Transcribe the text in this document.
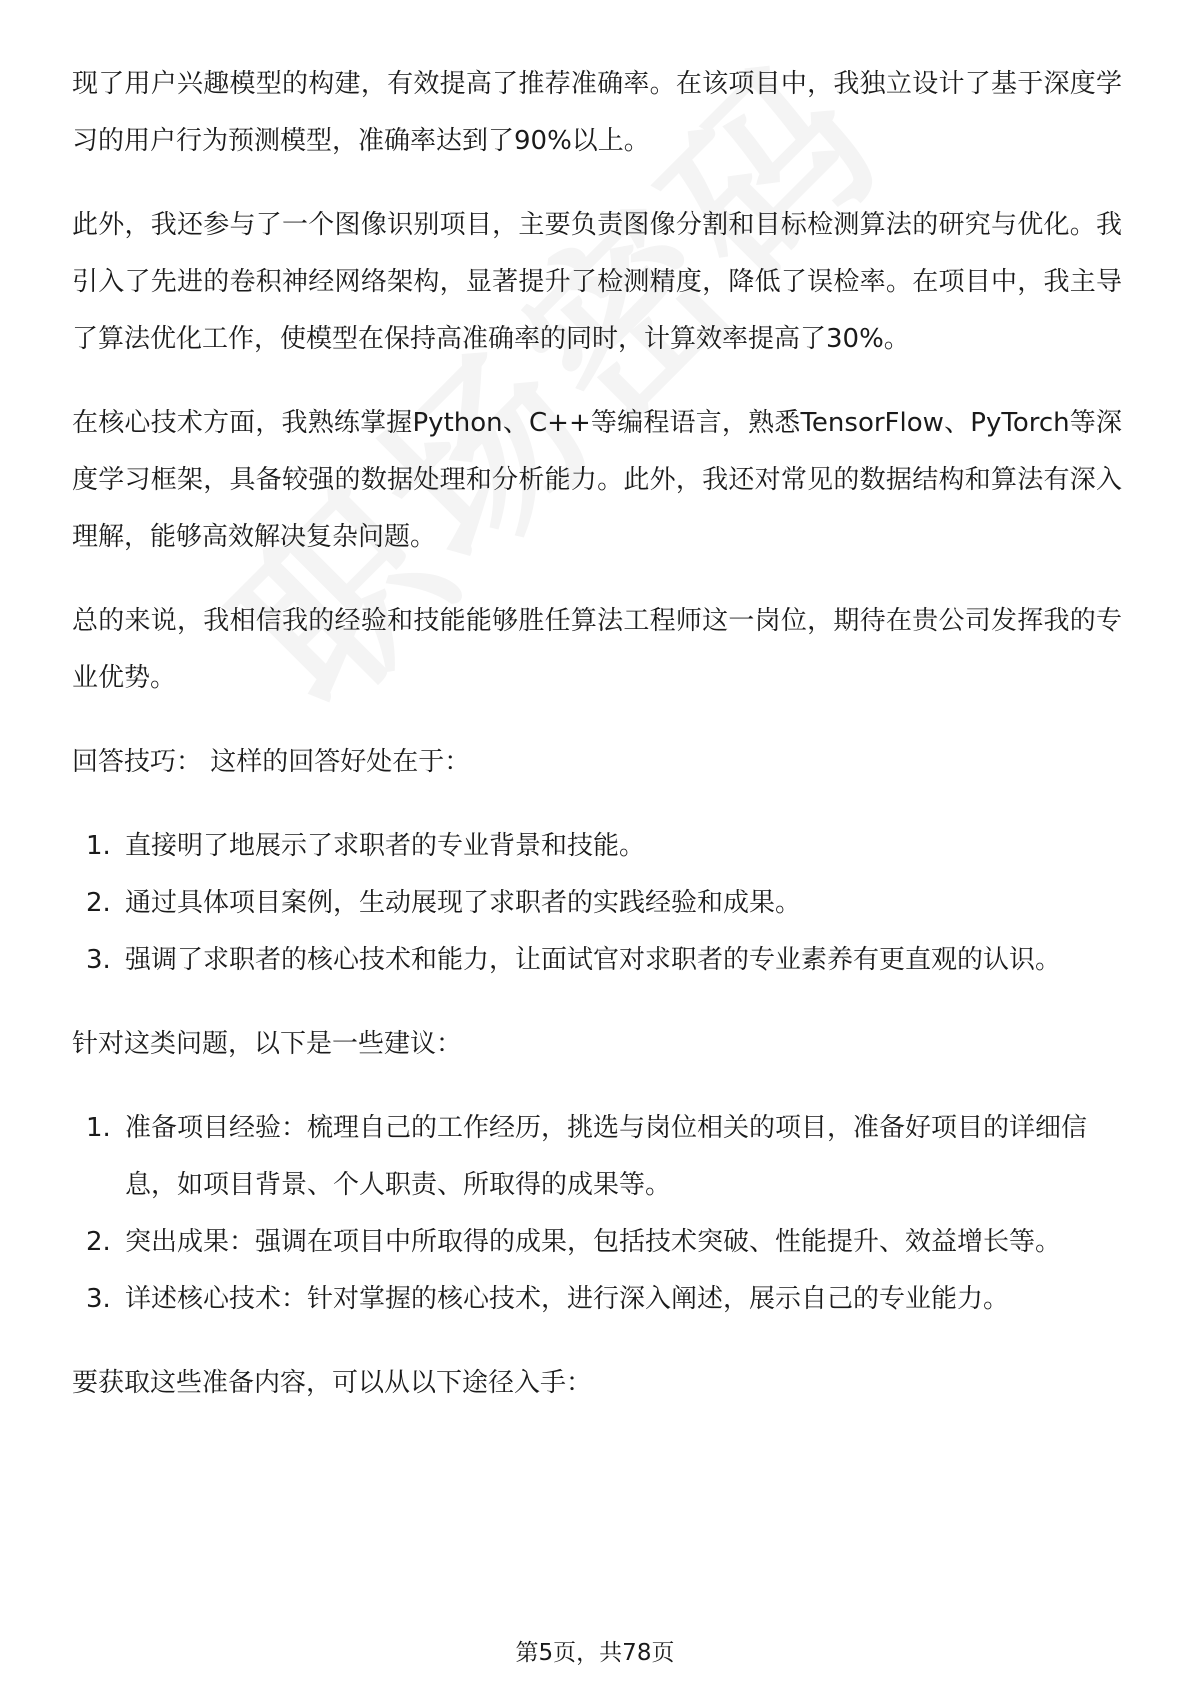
现了用户兴趣模型的构建，有效提高了推荐准确率。在该项目中，我独立设计了基于深度学习的用户行为预测模型，准确率达到了90%以上。

此外，我还参与了一个图像识别项目，主要负责图像分割和目标检测算法的研究与优化。我引入了先进的卷积神经网络架构，显著提升了检测精度，降低了误检率。在项目中，我主导了算法优化工作，使模型在保持高准确率的同时，计算效率提高了30%。

在核心技术方面，我熟练掌握Python、C++等编程语言，熟悉TensorFlow、PyTorch等深度学习框架，具备较强的数据处理和分析能力。此外，我还对常见的数据结构和算法有深入理解，能够高效解决复杂问题。

总的来说，我相信我的经验和技能能够胜任算法工程师这一岗位，期待在贵公司发挥我的专业优势。

回答技巧： 这样的回答好处在于：

1. 直接明了地展示了求职者的专业背景和技能。
2. 通过具体项目案例，生动展现了求职者的实践经验和成果。
3. 强调了求职者的核心技术和能力，让面试官对求职者的专业素养有更直观的认识。

针对这类问题，以下是一些建议：

1. 准备项目经验：梳理自己的工作经历，挑选与岗位相关的项目，准备好项目的详细信息，如项目背景、个人职责、所取得的成果等。
2. 突出成果：强调在项目中所取得的成果，包括技术突破、性能提升、效益增长等。
3. 详述核心技术：针对掌握的核心技术，进行深入阐述，展示自己的专业能力。

要获取这些准备内容，可以从以下途径入手：

第5页，共78页
